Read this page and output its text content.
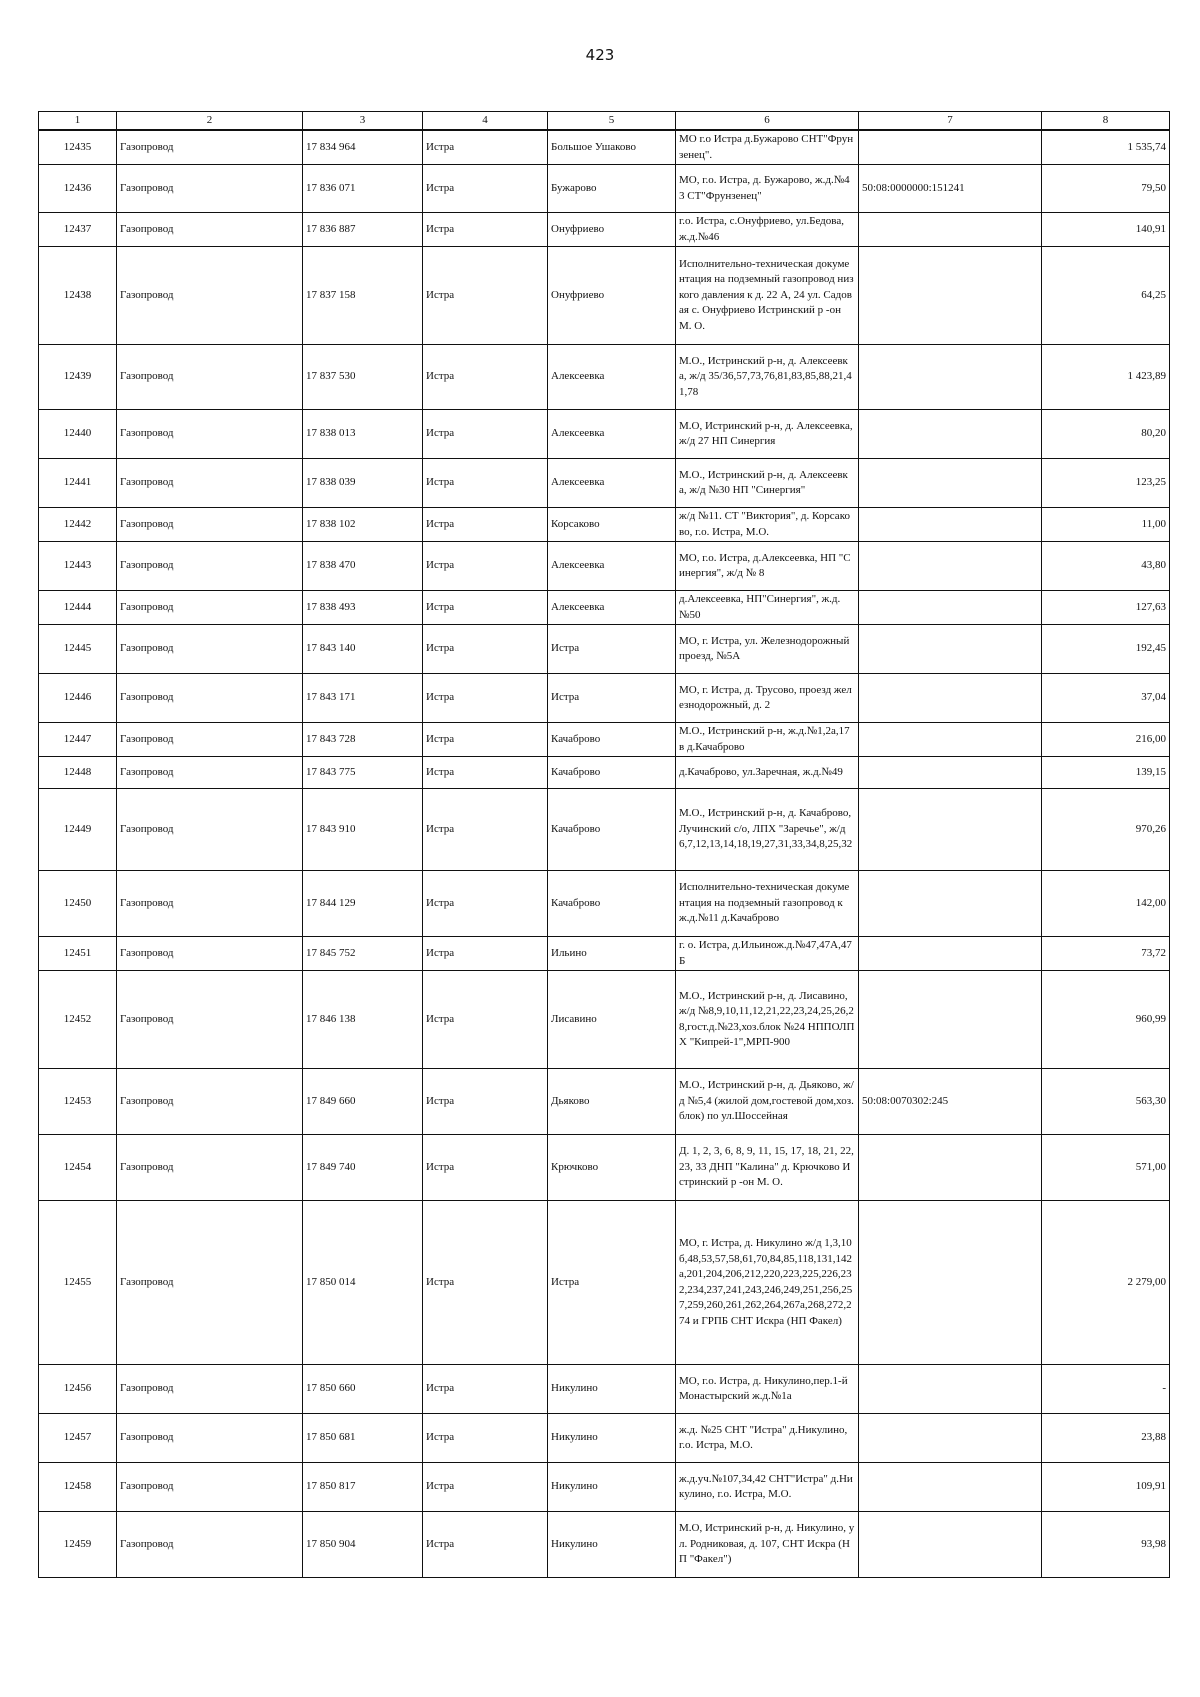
423
1	2	3	4	5	6	7	8
12435	Газопровод	17 834 964	Истра	Большое Ушаково	МО г.о Истра д.Бужарово СНТ"Фрунзенец".		1 535,74
12436	Газопровод	17 836 071	Истра	Бужарово	МО, г.о. Истра, д. Бужарово, ж.д.№43 СТ"Фрунзенец"	50:08:0000000:151241	79,50
12437	Газопровод	17 836 887	Истра	Онуфриево	г.о. Истра, с.Онуфриево, ул.Бедова, ж.д.№46		140,91
12438	Газопровод	17 837 158	Истра	Онуфриево	Исполнительно-техническая документация на подземный газопровод низкого давления к д. 22 А, 24 ул. Садовая с. Онуфриево Истринский р -он М. О.		64,25
12439	Газопровод	17 837 530	Истра	Алексеевка	М.О., Истринский р-н, д. Алексеевка, ж/д 35/36,57,73,76,81,83,85,88,21,41,78		1 423,89
12440	Газопровод	17 838 013	Истра	Алексеевка	М.О, Истринский р-н, д. Алексеевка, ж/д 27 НП Синергия		80,20
12441	Газопровод	17 838 039	Истра	Алексеевка	М.О., Истринский р-н, д. Алексеевка, ж/д №30 НП "Синергия"		123,25
12442	Газопровод	17 838 102	Истра	Корсаково	ж/д №11. СТ "Виктория", д. Корсаково, г.о. Истра, М.О.		11,00
12443	Газопровод	17 838 470	Истра	Алексеевка	МО, г.о. Истра, д.Алексеевка, НП "Синергия", ж/д № 8		43,80
12444	Газопровод	17 838 493	Истра	Алексеевка	д.Алексеевка, НП"Синергия", ж.д.№50		127,63
12445	Газопровод	17 843 140	Истра	Истра	МО, г. Истра, ул. Железнодорожный проезд, №5А		192,45
12446	Газопровод	17 843 171	Истра	Истра	МО, г. Истра, д. Трусово, проезд железнодорожный, д. 2		37,04
12447	Газопровод	17 843 728	Истра	Качаброво	М.О., Истринский р-н, ж.д.№1,2а,17 в д.Качаброво		216,00
12448	Газопровод	17 843 775	Истра	Качаброво	д.Качаброво, ул.Заречная, ж.д.№49		139,15
12449	Газопровод	17 843 910	Истра	Качаброво	М.О., Истринский р-н, д. Качаброво, Лучинский с/о, ЛПХ "Заречье", ж/д 6,7,12,13,14,18,19,27,31,33,34,8,25,32		970,26
12450	Газопровод	17 844 129	Истра	Качаброво	Исполнительно-техническая документация на подземный газопровод к ж.д.№11 д.Качаброво		142,00
12451	Газопровод	17 845 752	Истра	Ильино	г. о. Истра, д.Ильинож.д.№47,47А,47Б		73,72
12452	Газопровод	17 846 138	Истра	Лисавино	М.О., Истринский р-н, д. Лисавино, ж/д №8,9,10,11,12,21,22,23,24,25,26,28,гост.д.№23,хоз.блок №24 НППОЛПХ "Кипрей-1",МРП-900		960,99
12453	Газопровод	17 849 660	Истра	Дьяково	М.О., Истринский р-н, д. Дьяково, ж/д №5,4 (жилой дом,гостевой дом,хоз.блок) по ул.Шоссейная	50:08:0070302:245	563,30
12454	Газопровод	17 849 740	Истра	Крючково	Д. 1, 2, 3, 6, 8, 9, 11, 15, 17, 18, 21, 22, 23, 33 ДНП "Калина" д. Крючково Истринский р -он М. О.		571,00
12455	Газопровод	17 850 014	Истра	Истра	МО, г. Истра, д. Никулино ж/д 1,3,10б,48,53,57,58,61,70,84,85,118,131,142а,201,204,206,212,220,223,225,226,232,234,237,241,243,246,249,251,256,257,259,260,261,262,264,267а,268,272,274 и ГРПБ СНТ Искра (НП Факел)		2 279,00
12456	Газопровод	17 850 660	Истра	Никулино	МО, г.о. Истра, д. Никулино,пер.1-й Монастырский ж.д.№1а		-
12457	Газопровод	17 850 681	Истра	Никулино	ж.д. №25 СНТ "Истра" д.Никулино, г.о. Истра, М.О.		23,88
12458	Газопровод	17 850 817	Истра	Никулино	ж.д.уч.№107,34,42 СНТ"Истра" д.Никулино, г.о. Истра, М.О.		109,91
12459	Газопровод	17 850 904	Истра	Никулино	М.О, Истринский р-н, д. Никулино, ул. Родниковая, д. 107, СНТ Искра (НП "Факел")		93,98
